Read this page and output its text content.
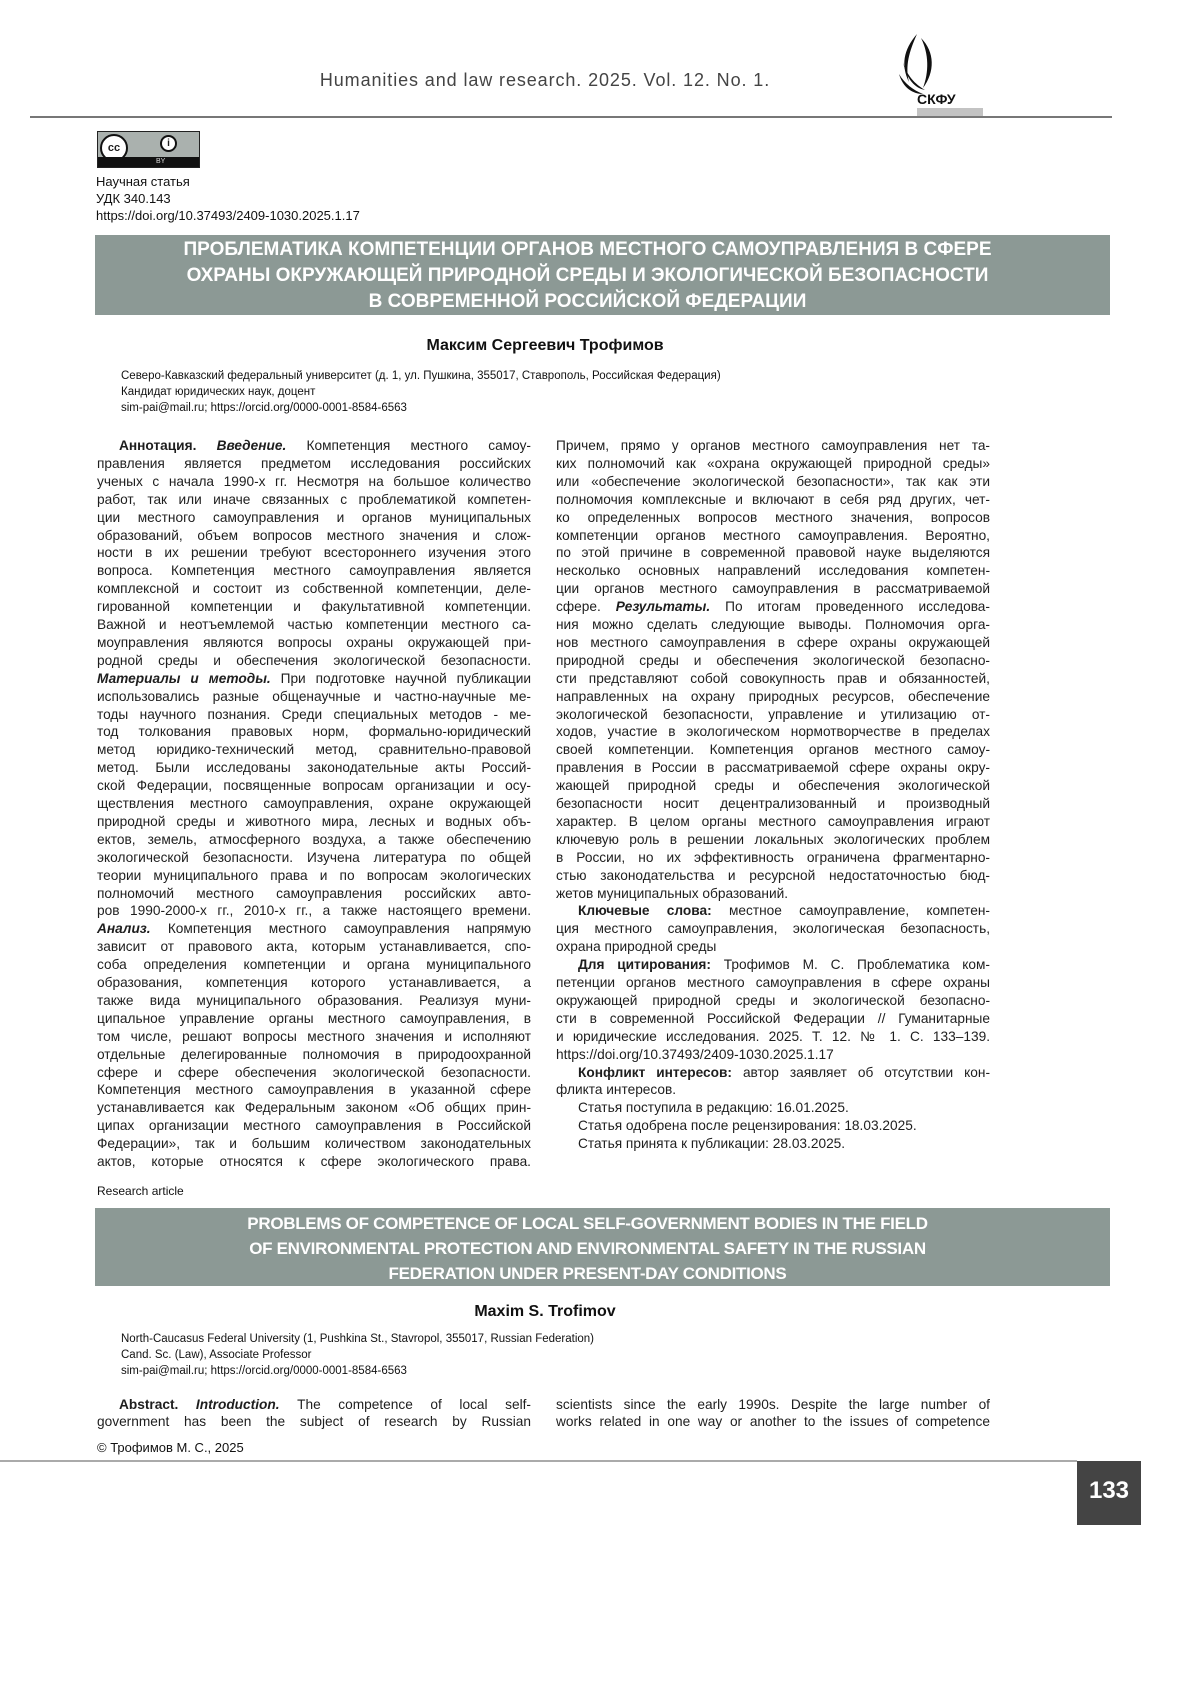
Humanities and law research. 2025. Vol. 12. No. 1.
СКФУ
cc	i
BY
Научная статья
УДК 340.143
https://doi.org/10.37493/2409-1030.2025.1.17
ПРОБЛЕМАТИКА КОМПЕТЕНЦИИ ОРГАНОВ МЕСТНОГО САМОУПРАВЛЕНИЯ В СФЕРЕ
ОХРАНЫ ОКРУЖАЮЩЕЙ ПРИРОДНОЙ СРЕДЫ И ЭКОЛОГИЧЕСКОЙ БЕЗОПАСНОСТИ
В СОВРЕМЕННОЙ РОССИЙСКОЙ ФЕДЕРАЦИИ
Максим Сергеевич Трофимов
Северо-Кавказский федеральный университет (д. 1, ул. Пушкина, 355017, Ставрополь, Российская Федерация)
Кандидат юридических наук, доцент
sim-pai@mail.ru; https://orcid.org/0000-0001-8584-6563
Аннотация. Введение. Компетенция местного самоу-
правления является предметом исследования российских
ученых с начала 1990-х гг. Несмотря на большое количество
работ, так или иначе связанных с проблематикой компетен-
ции местного самоуправления и органов муниципальных
образований, объем вопросов местного значения и слож-
ности в их решении требуют всестороннего изучения этого
вопроса. Компетенция местного самоуправления является
комплексной и состоит из собственной компетенции, деле-
гированной компетенции и факультативной компетенции.
Важной и неотъемлемой частью компетенции местного са-
моуправления являются вопросы охраны окружающей при-
родной среды и обеспечения экологической безопасности.
Материалы и методы. При подготовке научной публикации
использовались разные общенаучные и частно-научные ме-
тоды научного познания. Среди специальных методов - ме-
тод толкования правовых норм, формально-юридический
метод юридико-технический метод, сравнительно-правовой
метод. Были исследованы законодательные акты Россий-
ской Федерации, посвященные вопросам организации и осу-
ществления местного самоуправления, охране окружающей
природной среды и животного мира, лесных и водных объ-
ектов, земель, атмосферного воздуха, а также обеспечению
экологической безопасности. Изучена литература по общей
теории муниципального права и по вопросам экологических
полномочий местного самоуправления российских авто-
ров 1990-2000-х гг., 2010-х гг., а также настоящего времени.
Анализ. Компетенция местного самоуправления напрямую
зависит от правового акта, которым устанавливается, спо-
соба определения компетенции и органа муниципального
образования, компетенция которого устанавливается, а
также вида муниципального образования. Реализуя муни-
ципальное управление органы местного самоуправления, в
том числе, решают вопросы местного значения и исполняют
отдельные делегированные полномочия в природоохранной
сфере и сфере обеспечения экологической безопасности.
Компетенция местного самоуправления в указанной сфере
устанавливается как Федеральным законом «Об общих прин-
ципах организации местного самоуправления в Российской
Федерации», так и большим количеством законодательных
актов, которые относятся к сфере экологического права.
Причем, прямо у органов местного самоуправления нет та-
ких полномочий как «охрана окружающей природной среды»
или «обеспечение экологической безопасности», так как эти
полномочия комплексные и включают в себя ряд других, чет-
ко определенных вопросов местного значения, вопросов
компетенции органов местного самоуправления. Вероятно,
по этой причине в современной правовой науке выделяются
несколько основных направлений исследования компетен-
ции органов местного самоуправления в рассматриваемой
сфере. Результаты. По итогам проведенного исследова-
ния можно сделать следующие выводы. Полномочия орга-
нов местного самоуправления в сфере охраны окружающей
природной среды и обеспечения экологической безопасно-
сти представляют собой совокупность прав и обязанностей,
направленных на охрану природных ресурсов, обеспечение
экологической безопасности, управление и утилизацию от-
ходов, участие в экологическом нормотворчестве в пределах
своей компетенции. Компетенция органов местного самоу-
правления в России в рассматриваемой сфере охраны окру-
жающей природной среды и обеспечения экологической
безопасности носит децентрализованный и производный
характер. В целом органы местного самоуправления играют
ключевую роль в решении локальных экологических проблем
в России, но их эффективность ограничена фрагментарно-
стью законодательства и ресурсной недостаточностью бюд-
жетов муниципальных образований.
Ключевые слова: местное самоуправление, компетен-
ция местного самоуправления, экологическая безопасность,
охрана природной среды
Для цитирования: Трофимов М. С. Проблематика ком-
петенции органов местного самоуправления в сфере охраны
окружающей природной среды и экологической безопасно-
сти в современной Российской Федерации // Гуманитарные
и юридические исследования. 2025. Т. 12. № 1. С. 133–139.
https://doi.org/10.37493/2409-1030.2025.1.17
Конфликт интересов: автор заявляет об отсутствии кон-
фликта интересов.
Статья поступила в редакцию: 16.01.2025.
Статья одобрена после рецензирования: 18.03.2025.
Статья принята к публикации: 28.03.2025.
Research article
PROBLEMS OF COMPETENCE OF LOCAL SELF-GOVERNMENT BODIES IN THE FIELD
OF ENVIRONMENTAL PROTECTION AND ENVIRONMENTAL SAFETY IN THE RUSSIAN
FEDERATION UNDER PRESENT-DAY CONDITIONS
Maxim S. Trofimov
North-Caucasus Federal University (1, Pushkina St., Stavropol, 355017, Russian Federation)
Cand. Sc. (Law), Associate Professor
sim-pai@mail.ru; https://orcid.org/0000-0001-8584-6563
Abstract. Introduction. The competence of local self-
government has been the subject of research by Russian
scientists since the early 1990s. Despite the large number of
works related in one way or another to the issues of competence
© Трофимов М. С., 2025
133
